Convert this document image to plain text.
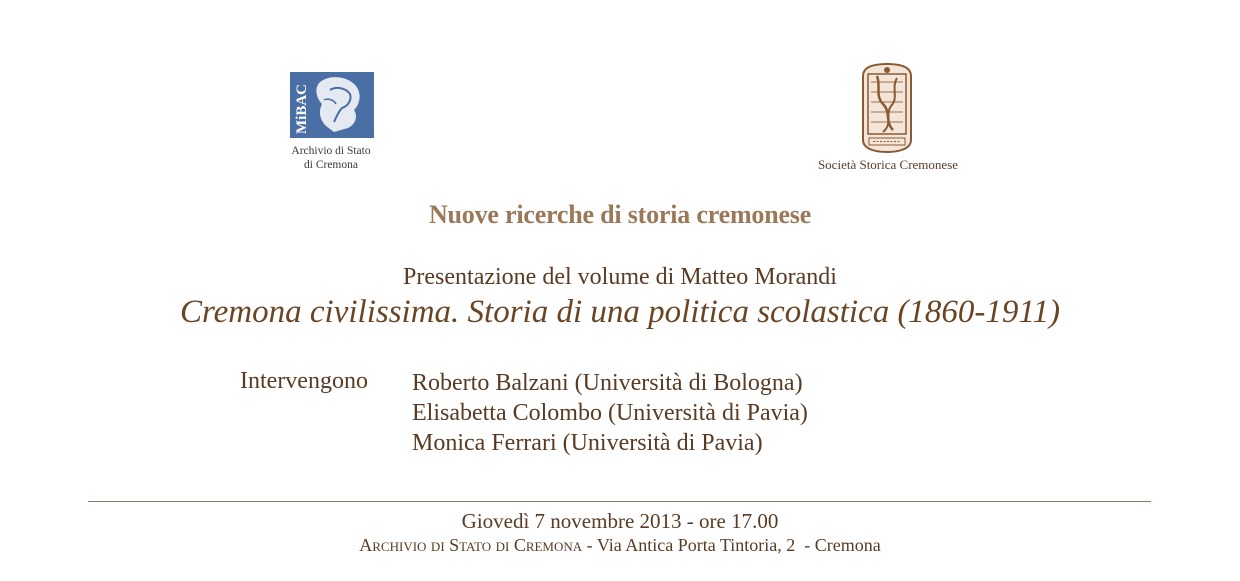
MiBAC
Archivio di Stato
di Cremona	Società Storica Cremonese
Nuove ricerche di storia cremonese
Presentazione del volume di Matteo Morandi
Cremona civilissima. Storia di una politica scolastica (1860-1911)
Intervengono Roberto Balzani (Università di Bologna)
Elisabetta Colombo (Università di Pavia)
Monica Ferrari (Università di Pavia)
Giovedì 7 novembre 2013 - ore 17.00
Archivio di Stato di Cremona - Via Antica Porta Tintoria, 2  - Cremona
